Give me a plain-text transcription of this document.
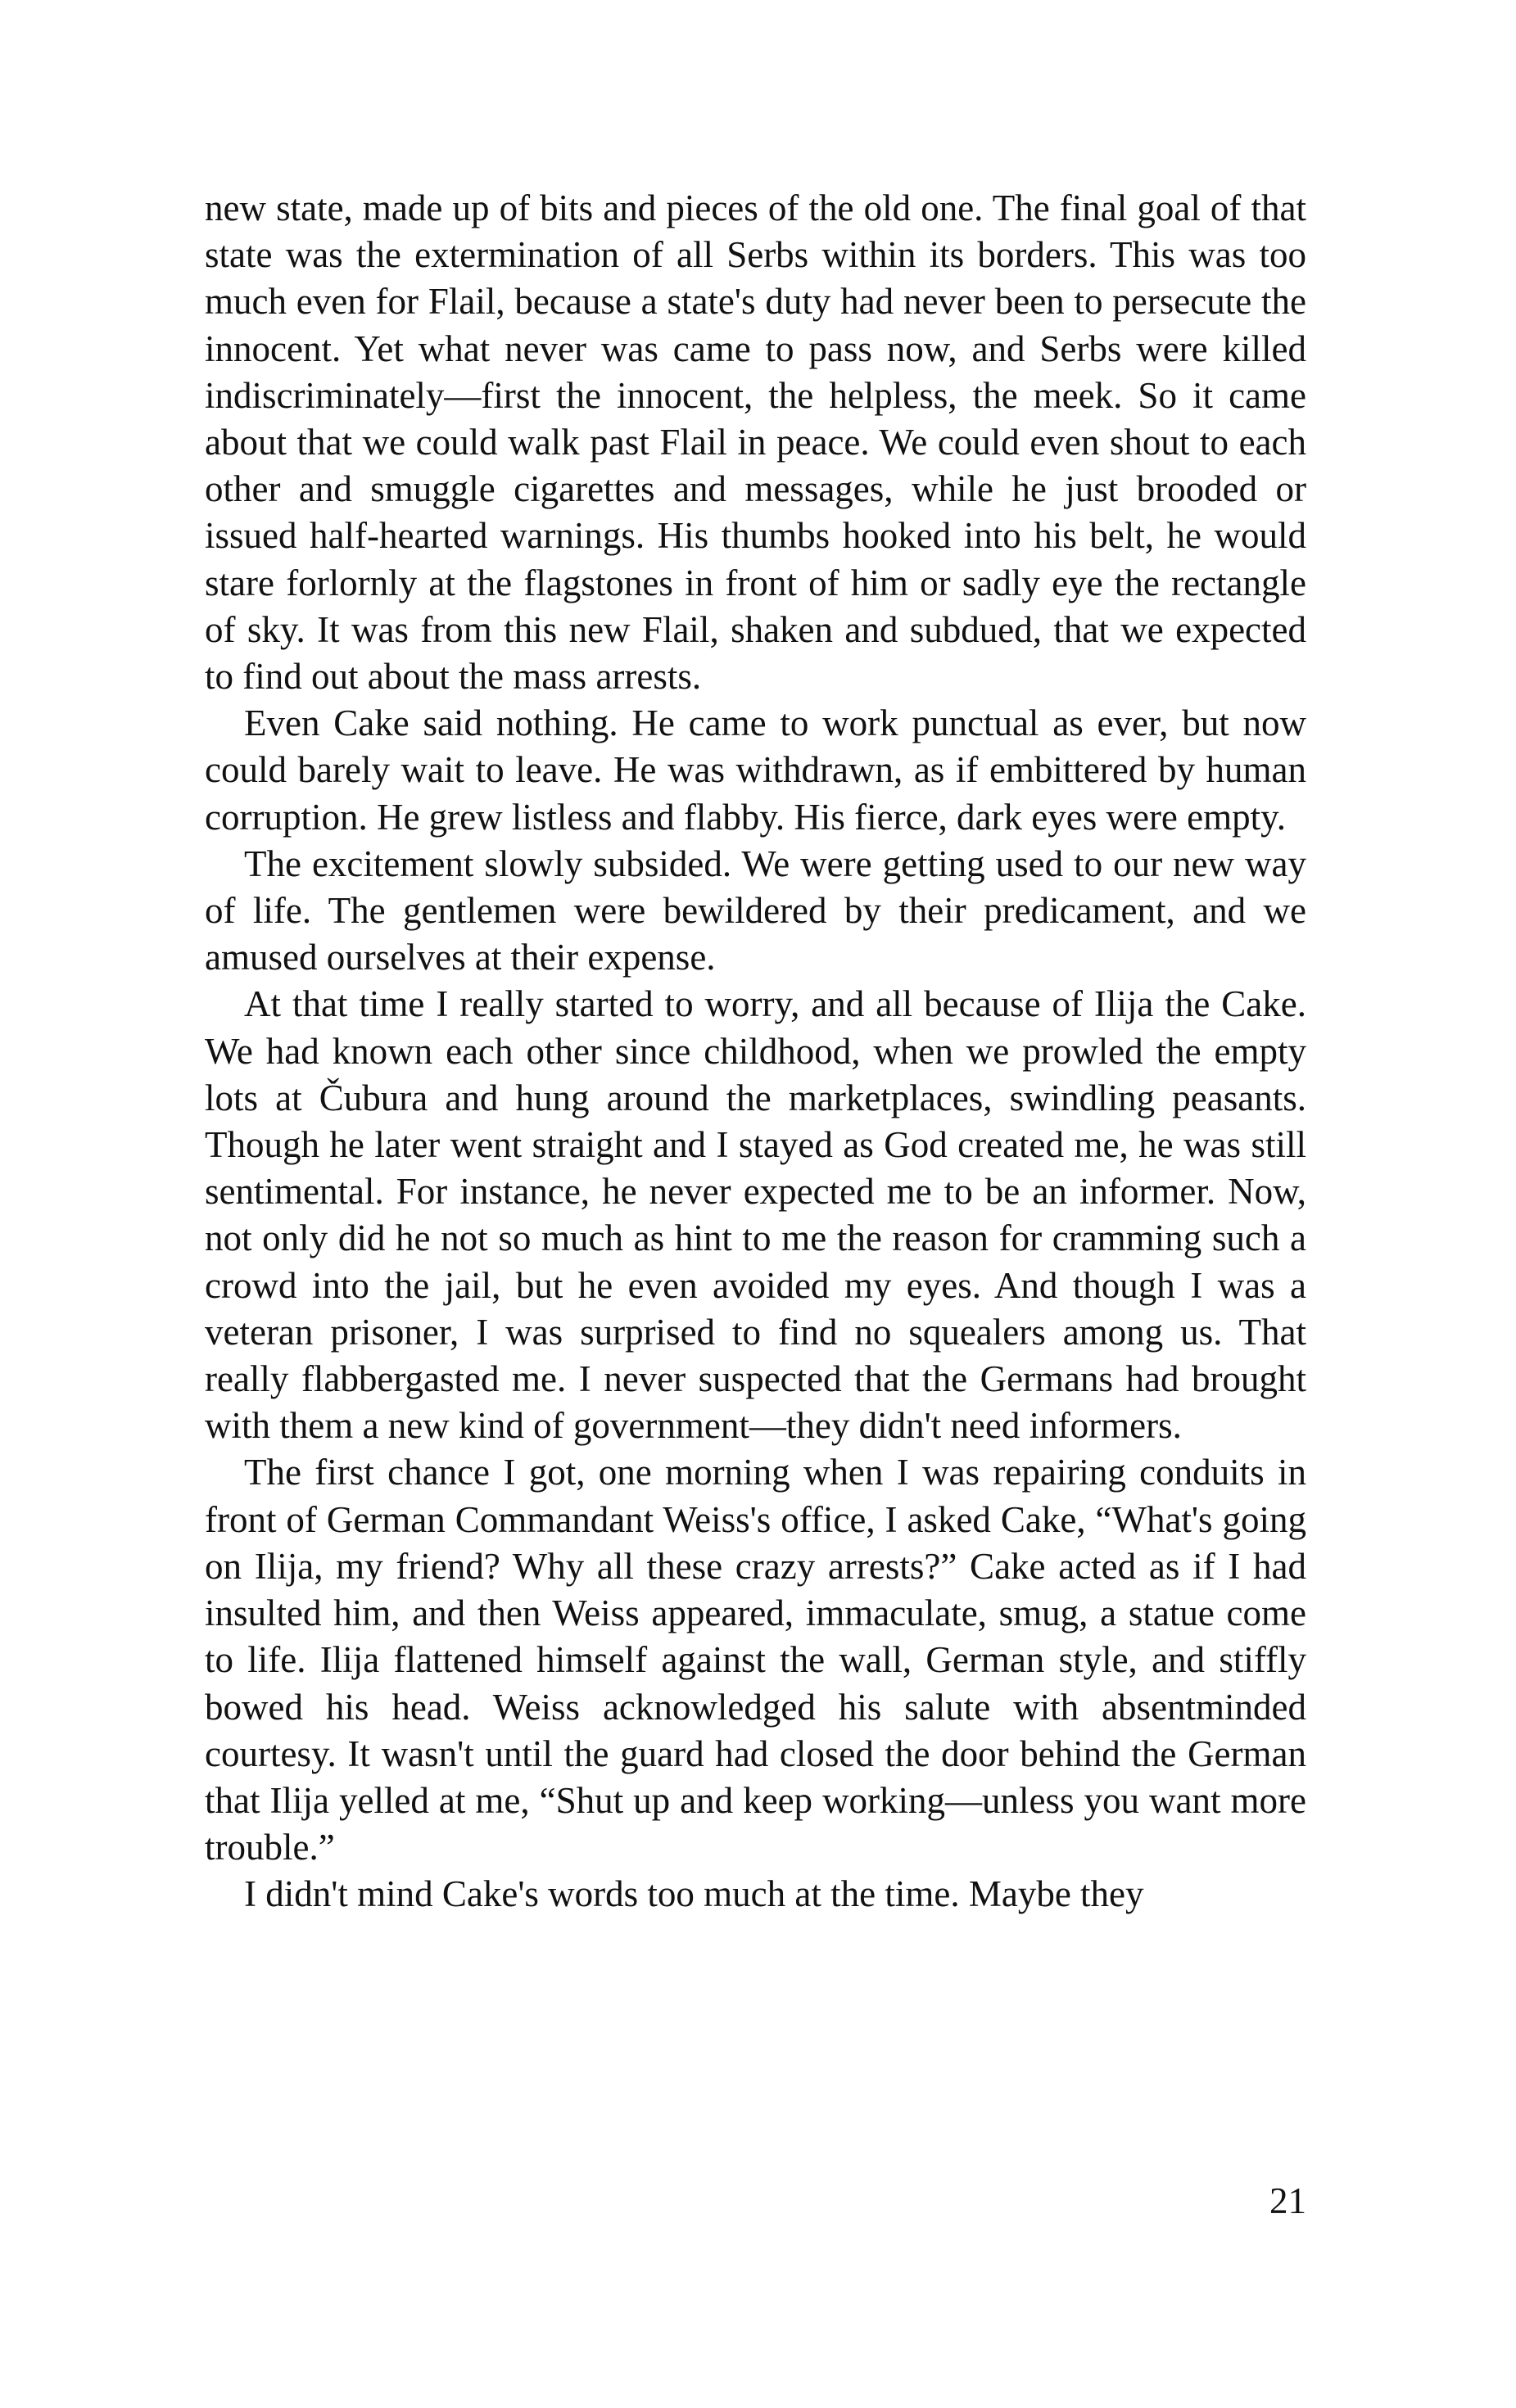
new state, made up of bits and pieces of the old one. The final goal of that state was the extermination of all Serbs within its borders. This was too much even for Flail, because a state's duty had never been to persecute the innocent. Yet what never was came to pass now, and Serbs were killed indiscriminately—first the innocent, the helpless, the meek. So it came about that we could walk past Flail in peace. We could even shout to each other and smuggle cigarettes and messages, while he just brooded or issued half-hearted warnings. His thumbs hooked into his belt, he would stare forlornly at the flagstones in front of him or sadly eye the rectangle of sky. It was from this new Flail, shaken and subdued, that we expected to find out about the mass arrests.

Even Cake said nothing. He came to work punctual as ever, but now could barely wait to leave. He was withdrawn, as if embittered by human corruption. He grew listless and flabby. His fierce, dark eyes were empty.

The excitement slowly subsided. We were getting used to our new way of life. The gentlemen were bewildered by their predicament, and we amused ourselves at their expense.

At that time I really started to worry, and all because of Ilija the Cake. We had known each other since childhood, when we prowled the empty lots at Čubura and hung around the marketplaces, swindling peasants. Though he later went straight and I stayed as God created me, he was still sentimental. For instance, he never expected me to be an informer. Now, not only did he not so much as hint to me the reason for cramming such a crowd into the jail, but he even avoided my eyes. And though I was a veteran prisoner, I was surprised to find no squealers among us. That really flabbergasted me. I never suspected that the Germans had brought with them a new kind of government—they didn't need informers.

The first chance I got, one morning when I was repairing conduits in front of German Commandant Weiss's office, I asked Cake, “What's going on Ilija, my friend? Why all these crazy arrests?” Cake acted as if I had insulted him, and then Weiss appeared, immaculate, smug, a statue come to life. Ilija flattened himself against the wall, German style, and stiffly bowed his head. Weiss acknowledged his salute with absentminded courtesy. It wasn't until the guard had closed the door behind the German that Ilija yelled at me, “Shut up and keep working—unless you want more trouble.”

I didn't mind Cake's words too much at the time. Maybe they

21
